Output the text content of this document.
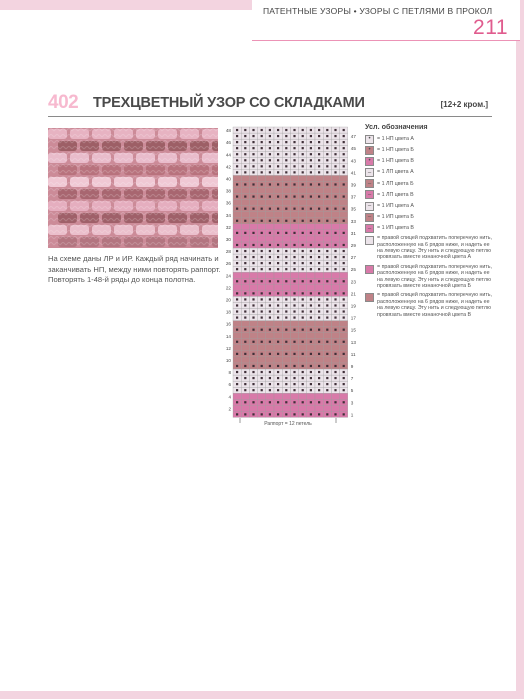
ПАТЕНТНЫЕ УЗОРЫ • УЗОРЫ С ПЕТЛЯМИ В ПРОКОЛ
211
402 ТРЕХЦВЕТНЫЙ УЗОР СО СКЛАДКАМИ	[12+2 кром.]
На схеме даны ЛР и ИР. Каждый ряд начинать и заканчивать НП, между ними повторять раппорт. Повторять 1-48-й ряды до конца полотна.
2
4
6
8
10
12
14
16
18
20
22
24
26
28
30
32
34
36
38
40
42
44
46
48
1
3
5
7
9
11
13
15
17
19
21
23
25
27
29
31
33
35
37
39
41
43
45
47
Раппорт = 12 петель
Усл. обозначения
• = 1 НП цвета А
• = 1 НП цвета Б
• = 1 НП цвета В
– = 1 ЛП цвета А
– = 1 ЛП цвета Б
– = 1 ЛП цвета В
– = 1 ИП цвета А
– = 1 ИП цвета Б
– = 1 ИП цвета В
= правой спицей подхватить поперечную нить, расположенную на 6 рядов ниже, и надеть ее на левую спицу. Эту нить и следующую петлю провязать вместе изнаночной цвета А
= правой спицей подхватить поперечную нить, расположенную на 6 рядов ниже, и надеть ее на левую спицу. Эту нить и следующую петлю провязать вместе изнаночной цвета Б
= правой спицей подхватить поперечную нить, расположенную на 6 рядов ниже, и надеть ее на левую спицу. Эту нить и следующую петлю провязать вместе изнаночной цвета В
